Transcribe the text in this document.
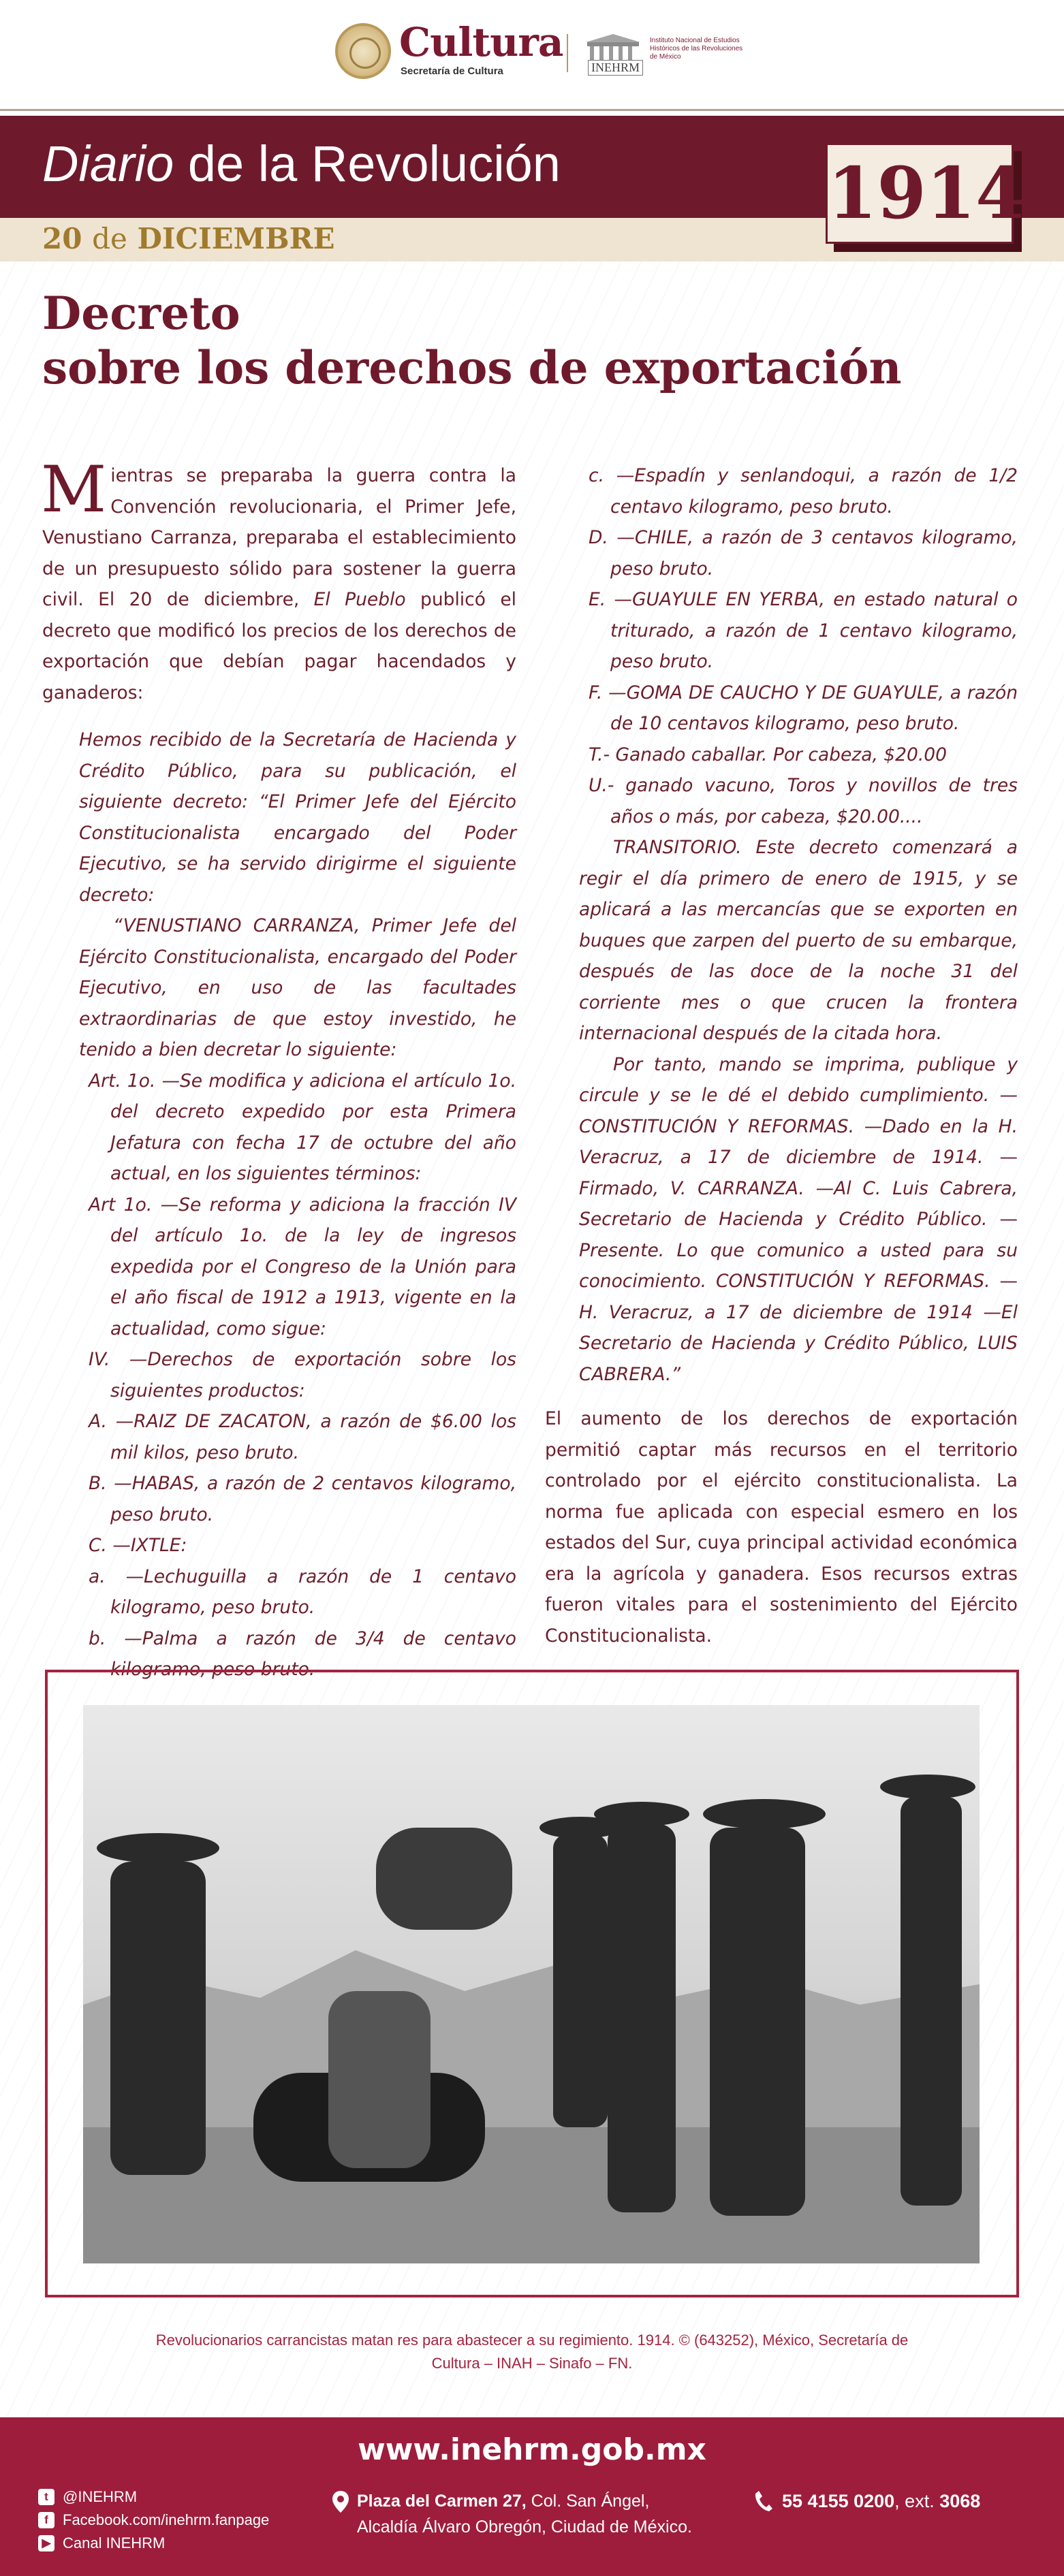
Cultura
Secretaría de Cultura	INEHRM
Instituto Nacional de Estudios Históricos de las Revoluciones de México
Diario de la Revolución
20 de DICIEMBRE
1914
Decreto
sobre los derechos de exportación

Mientras se preparaba la guerra contra la Convención revolucionaria, el Primer Jefe, Venustiano Carranza, preparaba el establecimiento de un presupuesto sólido para sostener la guerra civil. El 20 de diciembre, El Pueblo publicó el decreto que modificó los precios de los derechos de exportación que debían pagar hacendados y ganaderos:

Hemos recibido de la Secretaría de Hacienda y Crédito Público, para su publicación, el siguiente decreto: “El Primer Jefe del Ejército Constitucionalista encargado del Poder Ejecutivo, se ha servido dirigirme el siguiente decreto:

“VENUSTIANO CARRANZA, Primer Jefe del Ejército Constitucionalista, encargado del Poder Ejecutivo, en uso de las facultades extraordinarias de que estoy investido, he tenido a bien decretar lo siguiente:

Art. 1o. —Se modifica y adiciona el artículo 1o. del decreto expedido por esta Primera Jefatura con fecha 17 de octubre del año actual, en los siguientes términos:

Art 1o. —Se reforma y adiciona la fracción IV del artículo 1o. de la ley de ingresos expedida por el Congreso de la Unión para el año fiscal de 1912 a 1913, vigente en la actualidad, como sigue:

IV. —Derechos de exportación sobre los siguientes productos:

A. —RAIZ DE ZACATON, a razón de $6.00 los mil kilos, peso bruto.

B. —HABAS, a razón de 2 centavos kilogramo, peso bruto.

C. —IXTLE:

a. —Lechuguilla a razón de 1 centavo kilogramo, peso bruto.

b. —Palma a razón de 3/4 de centavo kilogramo, peso bruto.

c. —Espadín y senlandoqui, a razón de 1/2 centavo kilogramo, peso bruto.

D. —CHILE, a razón de 3 centavos kilogramo, peso bruto.

E. —GUAYULE EN YERBA, en estado natural o triturado, a razón de 1 centavo kilogramo, peso bruto.

F. —GOMA DE CAUCHO Y DE GUAYULE, a razón de 10 centavos kilogramo, peso bruto.

T.- Ganado caballar. Por cabeza, $20.00

U.- ganado vacuno, Toros y novillos de tres años o más, por cabeza, $20.00....

TRANSITORIO. Este decreto comenzará a regir el día primero de enero de 1915, y se aplicará a las mercancías que se exporten en buques que zarpen del puerto de su embarque, después de las doce de la noche 31 del corriente mes o que crucen la frontera internacional después de la citada hora.

Por tanto, mando se imprima, publique y circule y se le dé el debido cumplimiento. —CONSTITUCIÓN Y REFORMAS. —Dado en la H. Veracruz, a 17 de diciembre de 1914. —Firmado, V. CARRANZA. —Al C. Luis Cabrera, Secretario de Hacienda y Crédito Público. —Presente. Lo que comunico a usted para su conocimiento. CONSTITUCIÓN Y REFORMAS. —H. Veracruz, a 17 de diciembre de 1914 —El Secretario de Hacienda y Crédito Público, LUIS CABRERA.”

El aumento de los derechos de exportación permitió captar más recursos en el territorio controlado por el ejército constitucionalista. La norma fue aplicada con especial esmero en los estados del Sur, cuya principal actividad económica era la agrícola y ganadera. Esos recursos extras fueron vitales para el sostenimiento del Ejército Constitucionalista.

Revolucionarios carrancistas matan res para abastecer a su regimiento. 1914. © (643252), México, Secretaría de Cultura – INAH – Sinafo – FN.

www.inehrm.gob.mx
t @INEHRM
f Facebook.com/inehrm.fanpage
▶ Canal INEHRM
Plaza del Carmen 27, Col. San Ángel,
Alcaldía Álvaro Obregón, Ciudad de México.
55 4155 0200, ext. 3068
